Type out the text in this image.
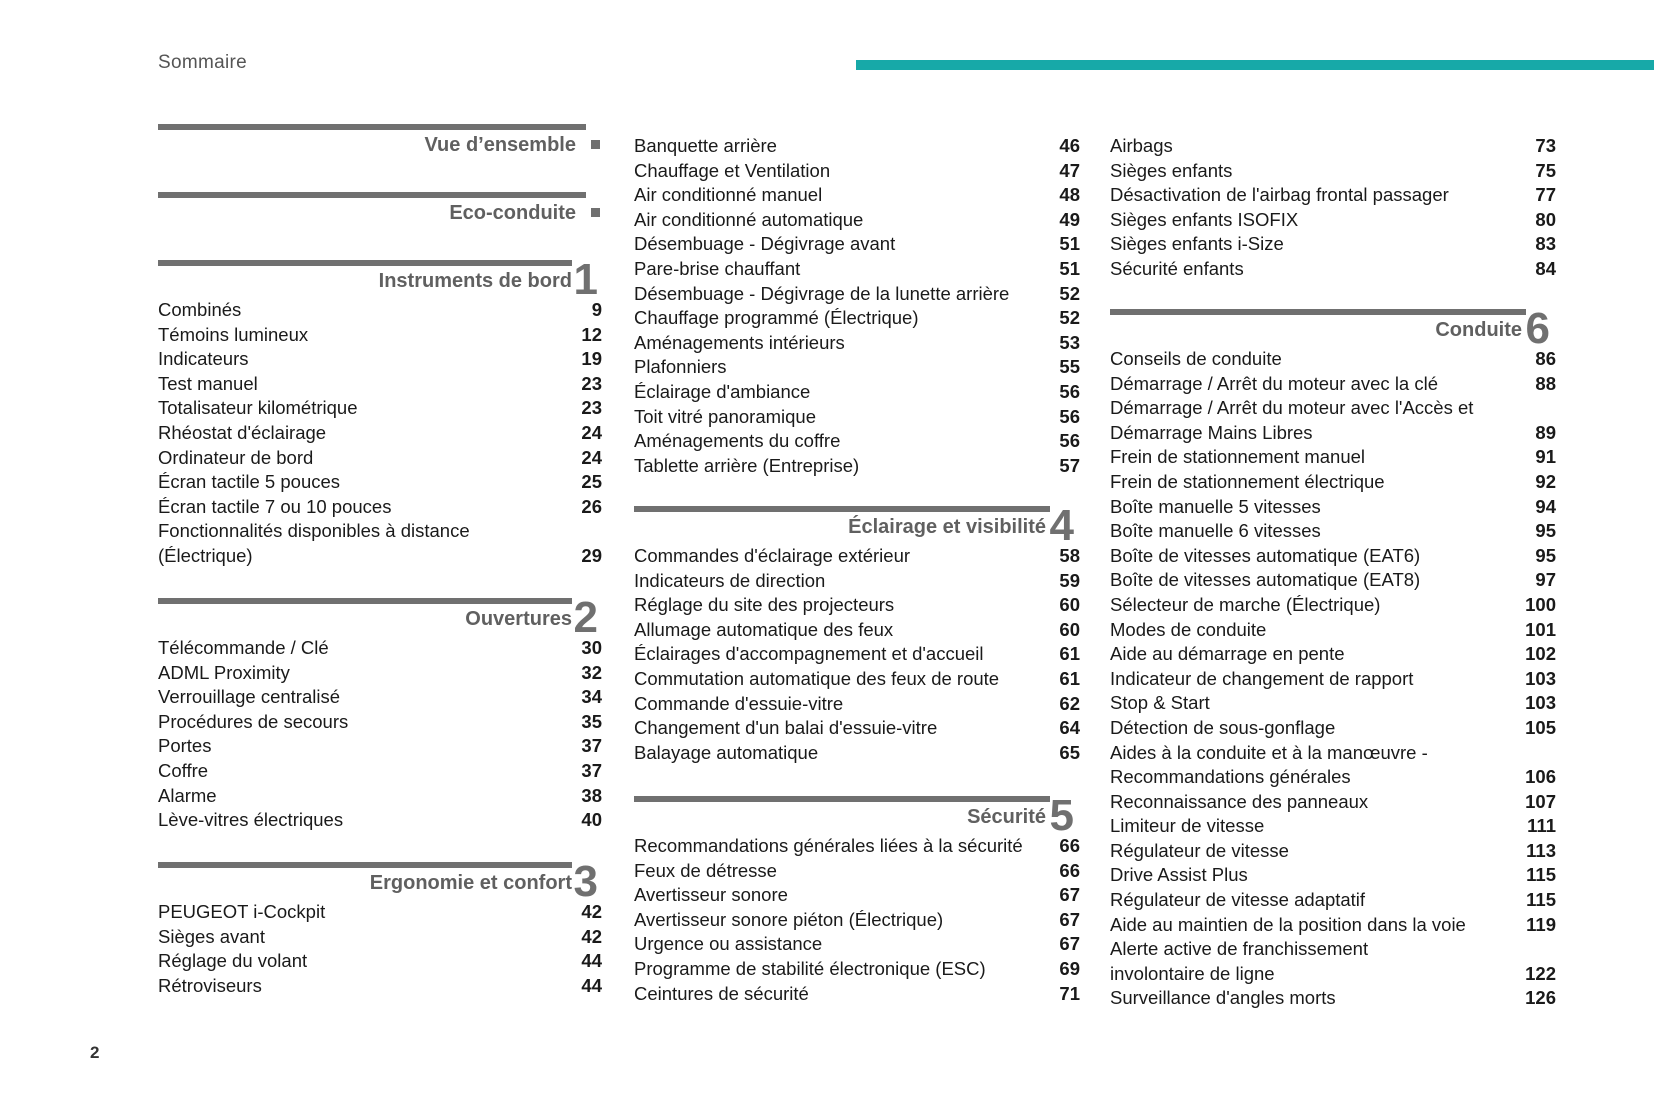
Sommaire
Vue d’ensemble
Eco-conduite
Instruments de bord 1
Combinés	9
Témoins lumineux	12
Indicateurs	19
Test manuel	23
Totalisateur kilométrique	23
Rhéostat d'éclairage	24
Ordinateur de bord	24
Écran tactile 5 pouces	25
Écran tactile 7 ou 10 pouces	26
Fonctionnalités disponibles à distance
(Électrique)	29
Ouvertures 2
Télécommande / Clé	30
ADML Proximity	32
Verrouillage centralisé	34
Procédures de secours	35
Portes	37
Coffre	37
Alarme	38
Lève-vitres électriques	40
Ergonomie et confort 3
PEUGEOT i-Cockpit	42
Sièges avant	42
Réglage du volant	44
Rétroviseurs	44
Banquette arrière	46
Chauffage et Ventilation	47
Air conditionné manuel	48
Air conditionné automatique	49
Désembuage - Dégivrage avant	51
Pare-brise chauffant	51
Désembuage - Dégivrage de la lunette arrière	52
Chauffage programmé (Électrique)	52
Aménagements intérieurs	53
Plafonniers	55
Éclairage d'ambiance	56
Toit vitré panoramique	56
Aménagements du coffre	56
Tablette arrière (Entreprise)	57
Éclairage et visibilité 4
Commandes d'éclairage extérieur	58
Indicateurs de direction	59
Réglage du site des projecteurs	60
Allumage automatique des feux	60
Éclairages d'accompagnement et d'accueil	61
Commutation automatique des feux de route	61
Commande d'essuie-vitre	62
Changement d'un balai d'essuie-vitre	64
Balayage automatique	65
Sécurité 5
Recommandations générales liées à la sécurité	66
Feux de détresse	66
Avertisseur sonore	67
Avertisseur sonore piéton (Électrique)	67
Urgence ou assistance	67
Programme de stabilité électronique (ESC)	69
Ceintures de sécurité	71
Airbags	73
Sièges enfants	75
Désactivation de l'airbag frontal passager	77
Sièges enfants ISOFIX	80
Sièges enfants i-Size	83
Sécurité enfants	84
Conduite 6
Conseils de conduite	86
Démarrage / Arrêt du moteur avec la clé	88
Démarrage / Arrêt du moteur avec l'Accès et
Démarrage Mains Libres	89
Frein de stationnement manuel	91
Frein de stationnement électrique	92
Boîte manuelle 5 vitesses	94
Boîte manuelle 6 vitesses	95
Boîte de vitesses automatique (EAT6)	95
Boîte de vitesses automatique (EAT8)	97
Sélecteur de marche (Électrique)	100
Modes de conduite	101
Aide au démarrage en pente	102
Indicateur de changement de rapport	103
Stop & Start	103
Détection de sous-gonflage	105
Aides à la conduite et à la manœuvre -
Recommandations générales	106
Reconnaissance des panneaux	107
Limiteur de vitesse	111
Régulateur de vitesse	113
Drive Assist Plus	115
Régulateur de vitesse adaptatif	115
Aide au maintien de la position dans la voie	119
Alerte active de franchissement
involontaire de ligne	122
Surveillance d'angles morts	126
2
